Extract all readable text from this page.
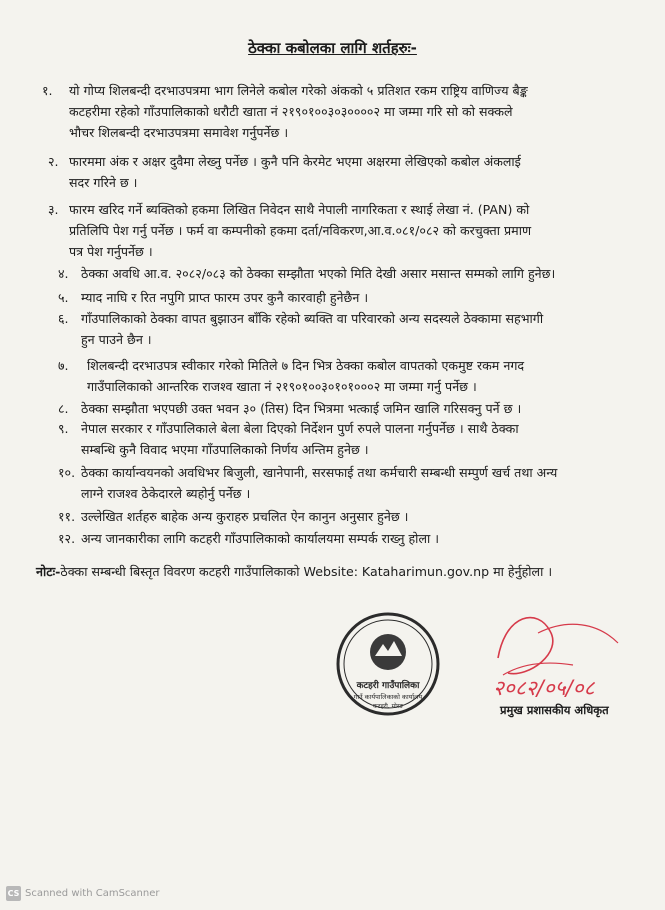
ठेक्का कबोलका लागि शर्तहरुः-
१. यो गोप्य शिलबन्दी दरभाउपत्रमा भाग लिनेले कबोल गरेको अंकको ५ प्रतिशत रकम राष्ट्रिय वाणिज्य बैङ्क
कटहरीमा रहेको गाँउपालिकाको धरौटी खाता नं २१९०१००३०३००००२ मा जम्मा गरि सो को सक्कले
भौचर शिलबन्दी दरभाउपत्रमा समावेश गर्नुपर्नेछ ।
२. फारममा अंक र अक्षर दुवैमा लेख्नु पर्नेछ । कुनै पनि केरमेट भएमा अक्षरमा लेखिएको कबोल अंकलाई
सदर गरिने छ ।
३. फारम खरिद गर्ने ब्यक्तिको हकमा लिखित निवेदन साथै नेपाली नागरिकता र स्थाई लेखा नं. (PAN) को
प्रतिलिपि पेश गर्नु पर्नेछ । फर्म वा कम्पनीको हकमा दर्ता/नविकरण,आ.व.०८१/०८२ को करचुक्ता प्रमाण
पत्र पेश गर्नुपर्नेछ ।
४. ठेक्का अवधि आ.व. २०८२/०८३ को ठेक्का सम्झौता भएको मिति देखी असार मसान्त सम्मको लागि हुनेछ।
५. म्याद नाघि र रित नपुगि प्राप्त फारम उपर कुनै कारवाही हुनेछैन ।
६. गाँउपालिकाको ठेक्का वापत बुझाउन बाँकि रहेको ब्यक्ति वा परिवारको अन्य सदस्यले ठेक्कामा सहभागी
हुन पाउने छैन ।
७. शिलबन्दी दरभाउपत्र स्वीकार गरेको मितिले ७ दिन भित्र ठेक्का कबोल वापतको एकमुष्ट रकम नगद
गाउँपालिकाको आन्तरिक राजश्व खाता नं २१९०१००३०१०१०००२ मा जम्मा गर्नु पर्नेछ ।
८. ठेक्का सम्झौता भएपछी उक्त भवन ३० (तिस) दिन भित्रमा भत्काई जमिन खालि गरिसक्नु पर्ने छ ।
९. नेपाल सरकार र गाँउपालिकाले बेला बेला दिएको निर्देशन पुर्ण रुपले पालना गर्नुपर्नेछ । साथै ठेक्का
सम्बन्धि कुनै विवाद भएमा गाँउपालिकाको निर्णय अन्तिम हुनेछ ।
१०. ठेक्का कार्यान्वयनको अवधिभर बिजुली, खानेपानी, सरसफाई तथा कर्मचारी सम्बन्धी सम्पुर्ण खर्च तथा अन्य
लाग्ने राजश्व ठेकेदारले ब्यहोर्नु पर्नेछ ।
११. उल्लेखित शर्तहरु बाहेक अन्य कुराहरु प्रचलित ऐन कानुन अनुसार हुनेछ ।
१२. अन्य जानकारीका लागि कटहरी गाँउपालिकाको कार्यालयमा सम्पर्क राख्नु होला ।
नोटः-ठेक्का सम्बन्धी बिस्तृत विवरण कटहरी गाउँपालिकाको Website: Kataharimun.gov.np मा हेर्नुहोला ।
कटहरी गाउँपालिका
गाउँ कार्यपालिकाको कार्यालय
कटहरी, मोरङ
२०८२/०५/०८
प्रमुख प्रशासकीय अधिकृत
CS Scanned with CamScanner
